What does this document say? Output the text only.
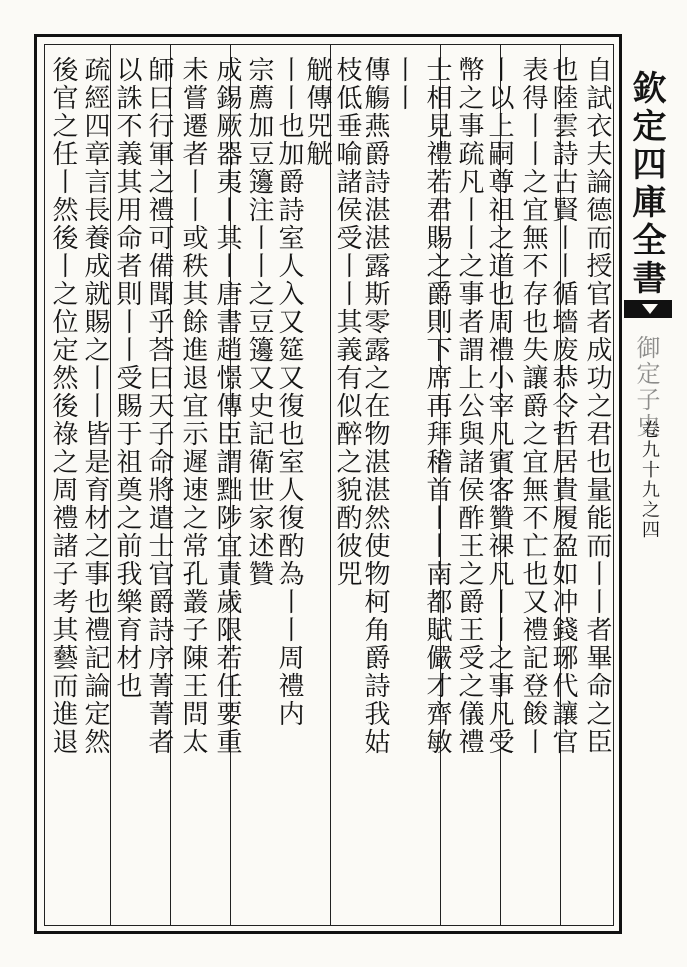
自試衣夫論德而授官者成功之君也量能而丨丨者畢命之臣
也陸雲詩古賢丨丨循墻废恭令哲居貴履盈如冲錢琊代讓官
表得丨丨之宜無不存也失讓爵之宜無不亡也又禮記登餕丨
丨以上嗣尊祖之道也周禮小宰凡賓客贊祼凡丨丨之事凡受
幣之事疏凡丨丨之事者謂上公與諸侯酢王之爵王受之儀禮
士相見禮若君賜之爵則下席再拜稽首丨丨南都賦儼才齊敏
丨丨
傳觴燕爵詩湛湛露斯零露之在物湛湛然使物柯角爵詩我姑
枝低垂喻諸侯受丨丨其義有似醉之貌酌彼兕
觥傳兕觥
丨丨也加爵詩室人入又筵又復也室人復酌為丨丨周禮内
宗薦加豆籩注丨丨之豆籩又史記衛世家述贊
成錫厥器夷丨其丨唐書趙憬傳臣謂黜陟宜責歲限若任要重
未嘗遷者丨丨或秩其餘進退宜示遲速之常孔叢子陳王問太
師曰行軍之禮可備聞乎荅曰天子命將遣士官爵詩序菁菁者
以誅不義其用命者則丨丨受賜于祖奠之前我樂育材也
疏經四章言長養成就賜之丨丨皆是育材之事也禮記論定然
後官之任丨然後丨之位定然後祿之周禮諸子考其藝而進退	欽定四庫全書
御定子史
卷九十九之四
